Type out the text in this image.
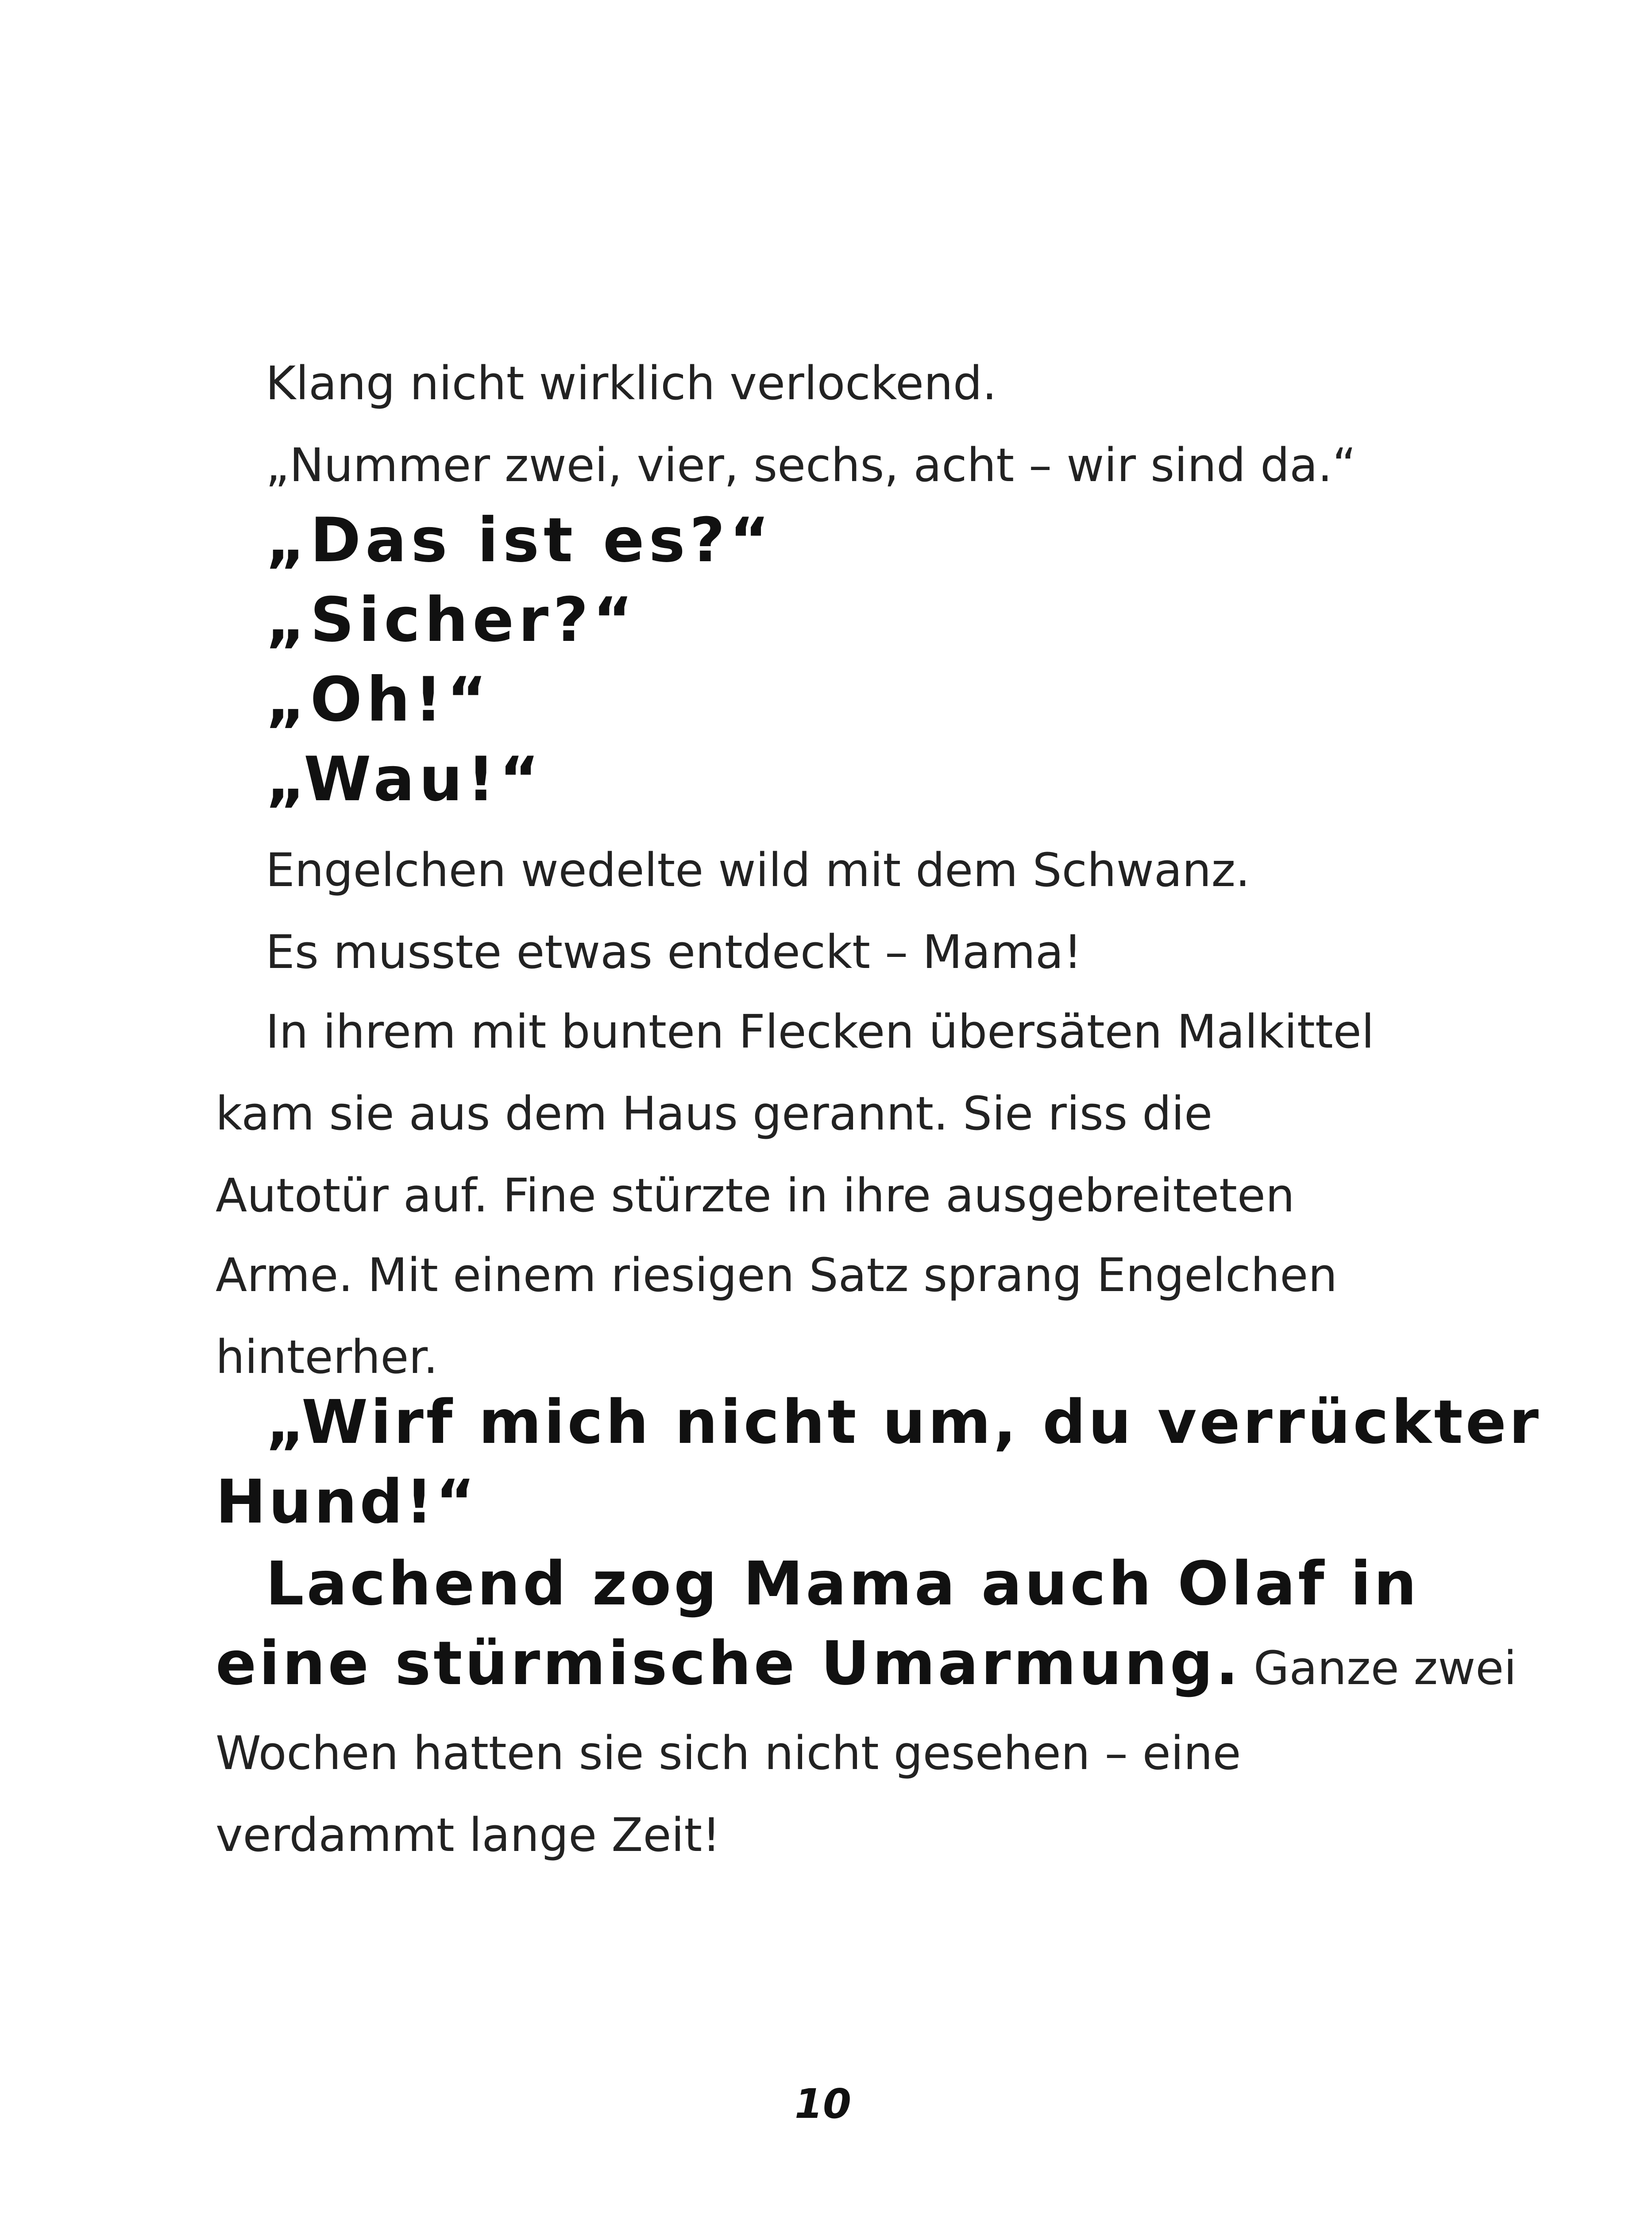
Klang nicht wirklich verlockend.

„Nummer zwei, vier, sechs, acht – wir sind da.“

„Das ist es?“

„Sicher?“

„Oh!“

„Wau!“

Engelchen wedelte wild mit dem Schwanz.

Es musste etwas entdeckt – Mama!

In ihrem mit bunten Flecken übersäten Malkittel

kam sie aus dem Haus gerannt. Sie riss die

Autotür auf. Fine stürzte in ihre ausgebreiteten

Arme. Mit einem riesigen Satz sprang Engelchen

hinterher.

„Wirf mich nicht um, du verrückter

Hund!“

Lachend zog Mama auch Olaf in

eine stürmische Umarmung. Ganze zwei

Wochen hatten sie sich nicht gesehen – eine

verdammt lange Zeit!

10
